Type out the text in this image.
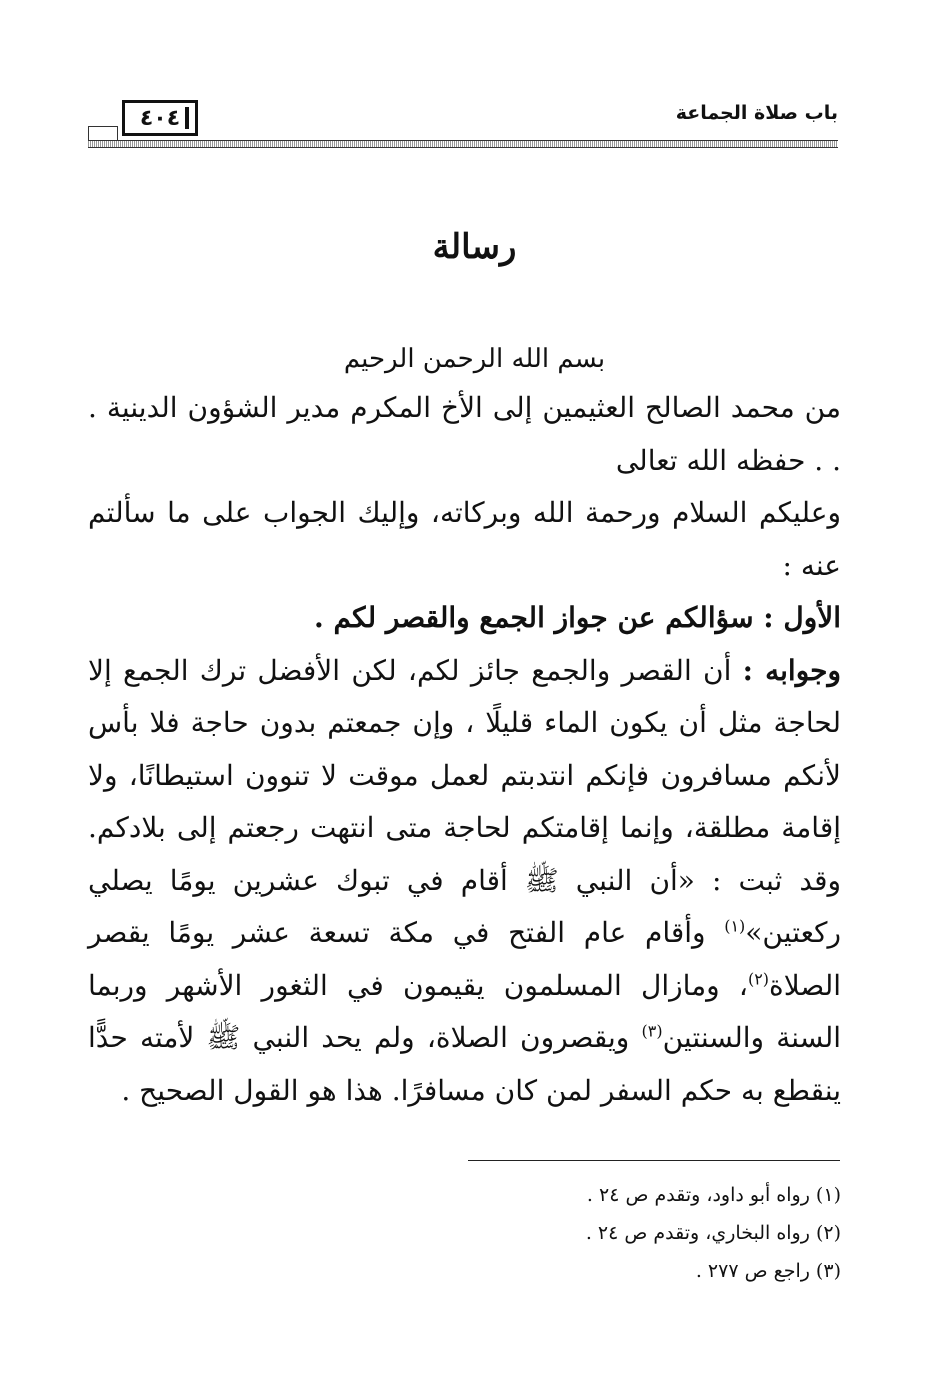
باب صلاة الجماعة
٤٠٤
رسالة
بسم الله الرحمن الرحيم

من محمد الصالح العثيمين إلى الأخ المكرم مدير الشؤون الدينية . . . حفظه الله تعالى

وعليكم السلام ورحمة الله وبركاته، وإليك الجواب على ما سألتم عنه :

الأول : سؤالكم عن جواز الجمع والقصر لكم .

وجوابه : أن القصر والجمع جائز لكم، لكن الأفضل ترك الجمع إلا لحاجة مثل أن يكون الماء قليلًا ، وإن جمعتم بدون حاجة فلا بأس لأنكم مسافرون فإنكم انتدبتم لعمل موقت لا تنوون استيطانًا، ولا إقامة مطلقة، وإنما إقامتكم لحاجة متى انتهت رجعتم إلى بلادكم. وقد ثبت : «أن النبي ﷺ أقام في تبوك عشرين يومًا يصلي ركعتين»$^{(١)}$ وأقام عام الفتح في مكة تسعة عشر يومًا يقصر الصلاة$^{(٢)}$، ومازال المسلمون يقيمون في الثغور الأشهر وربما السنة والسنتين$^{(٣)}$ ويقصرون الصلاة، ولم يحد النبي ﷺ لأمته حدًّا ينقطع به حكم السفر لمن كان مسافرًا. هذا هو القول الصحيح .

(١) رواه أبو داود، وتقدم ص ٢٤ .

(٢) رواه البخاري، وتقدم ص ٢٤ .

(٣) راجع ص ٢٧٧ .
